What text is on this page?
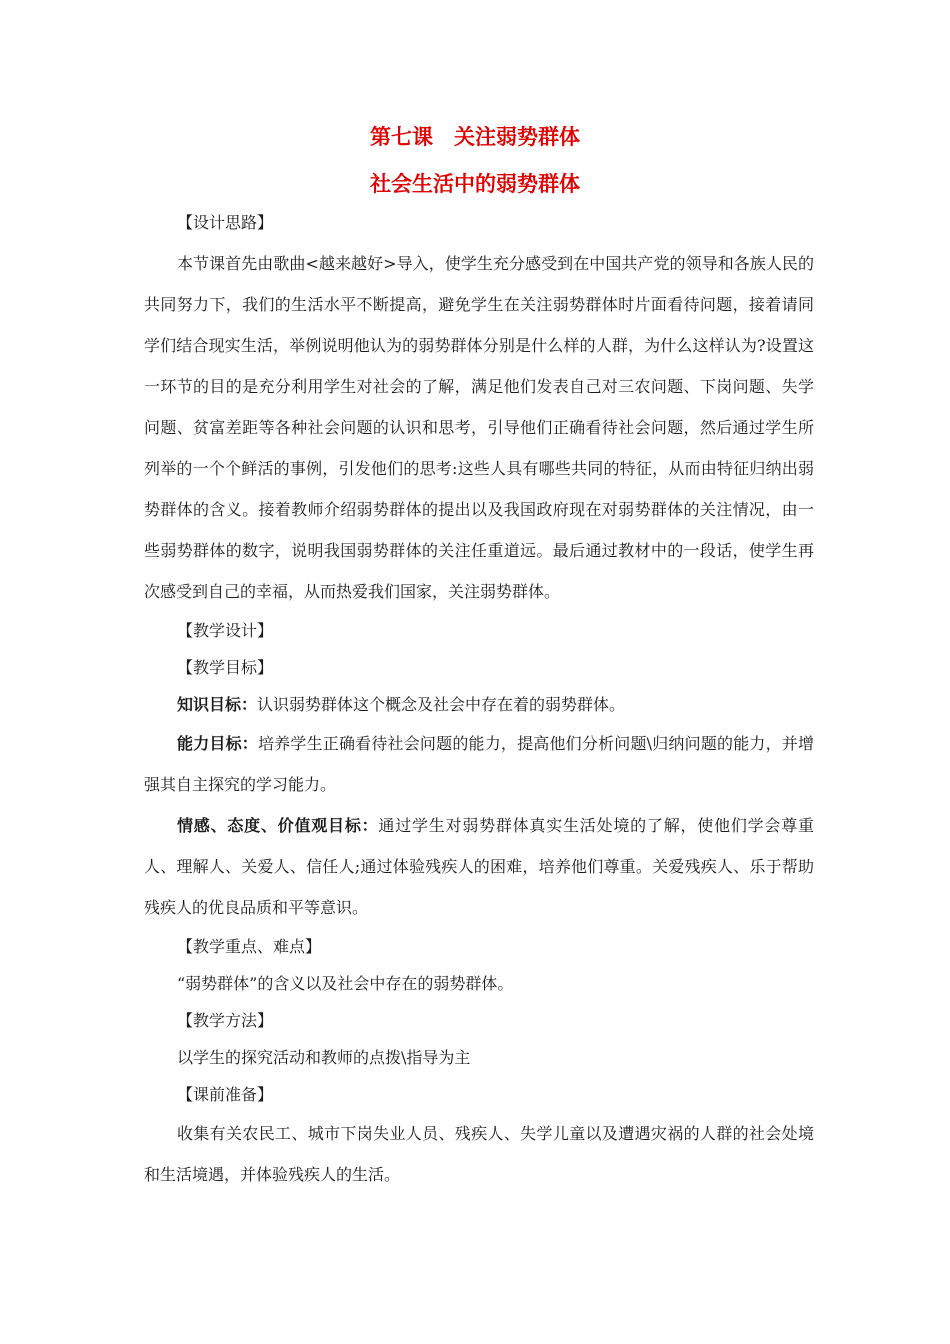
第七课　关注弱势群体
社会生活中的弱势群体

【设计思路】

本节课首先由歌曲<越来越好>导入，使学生充分感受到在中国共产党的领导和各族人民的共同努力下，我们的生活水平不断提高，避免学生在关注弱势群体时片面看待问题，接着请同学们结合现实生活，举例说明他认为的弱势群体分别是什么样的人群，为什么这样认为?设置这一环节的目的是充分利用学生对社会的了解，满足他们发表自己对三农问题、下岗问题、失学问题、贫富差距等各种社会问题的认识和思考，引导他们正确看待社会问题，然后通过学生所列举的一个个鲜活的事例，引发他们的思考:这些人具有哪些共同的特征，从而由特征归纳出弱势群体的含义。接着教师介绍弱势群体的提出以及我国政府现在对弱势群体的关注情况，由一些弱势群体的数字，说明我国弱势群体的关注任重道远。最后通过教材中的一段话，使学生再次感受到自己的幸福，从而热爱我们国家，关注弱势群体。

【教学设计】

【教学目标】

知识目标：认识弱势群体这个概念及社会中存在着的弱势群体。

能力目标：培养学生正确看待社会问题的能力，提高他们分析问题\归纳问题的能力，并增强其自主探究的学习能力。

情感、态度、价值观目标：通过学生对弱势群体真实生活处境的了解，使他们学会尊重人、理解人、关爱人、信任人;通过体验残疾人的困难，培养他们尊重。关爱残疾人、乐于帮助残疾人的优良品质和平等意识。

【教学重点、难点】

“弱势群体”的含义以及社会中存在的弱势群体。

【教学方法】

以学生的探究活动和教师的点拨\指导为主

【课前准备】

收集有关农民工、城市下岗失业人员、残疾人、失学儿童以及遭遇灾祸的人群的社会处境和生活境遇，并体验残疾人的生活。
